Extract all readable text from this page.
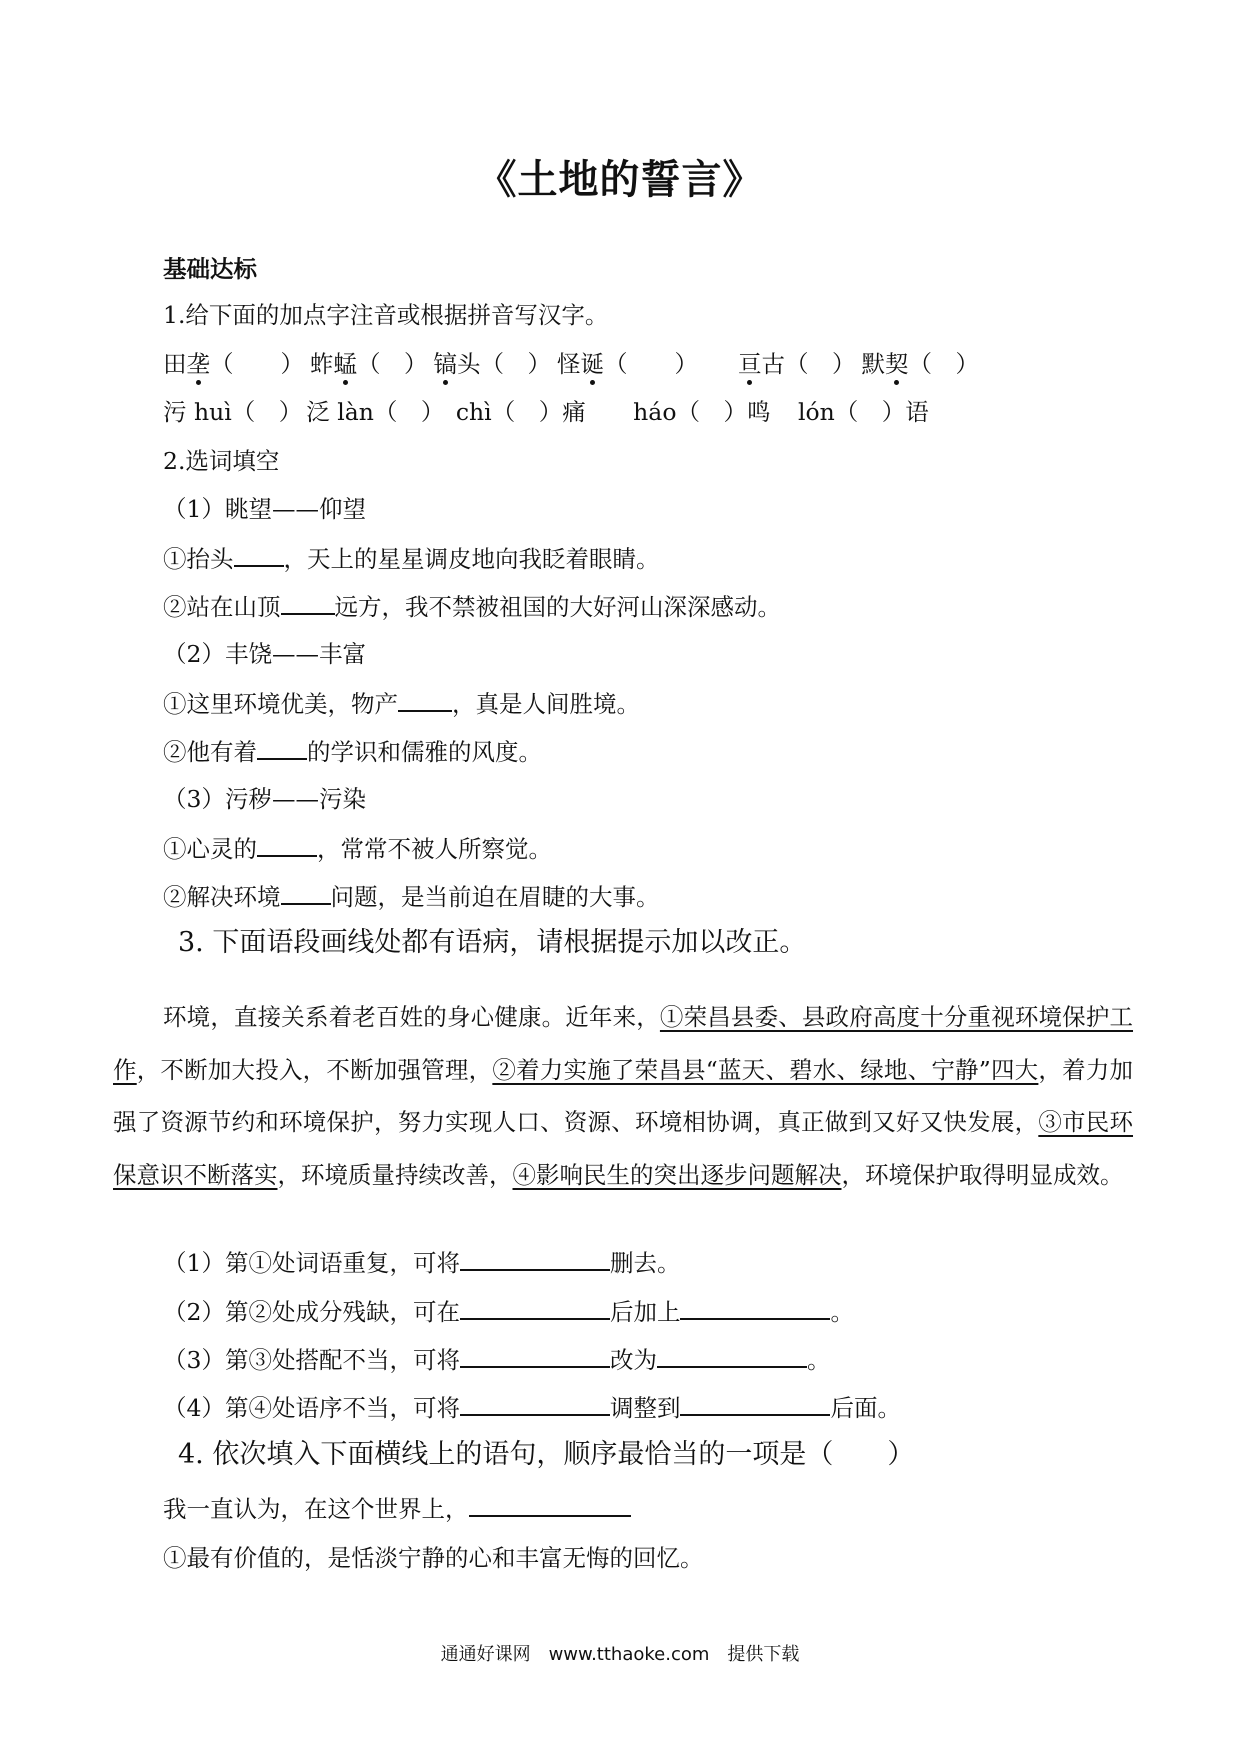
《土地的誓言》
基础达标
1.给下面的加点字注音或根据拼音写汉字。
田垄（　　） 蚱蜢（　） 镐头（　） 怪诞（　　） 亘古（　） 默契（　）
污 huì（　） 泛 làn（　） chì（　）痛 háo（　）鸣 lón（　）语
2.选词填空
（1）眺望——仰望
①抬头 ，天上的星星调皮地向我眨着眼睛。
②站在山顶 远方，我不禁被祖国的大好河山深深感动。
（2）丰饶——丰富
①这里环境优美，物产 ，真是人间胜境。
②他有着 的学识和儒雅的风度。
（3）污秽——污染
①心灵的	，常常不被人所察觉。
②解决环境 问题，是当前迫在眉睫的大事。
3. 下面语段画线处都有语病，请根据提示加以改正。
环境，直接关系着老百姓的身心健康。近年来，①荣昌县委、县政府高度十分重视环境保护工作，不断加大投入，不断加强管理，②着力实施了荣昌县“蓝天、碧水、绿地、宁静”四大，着力加强了资源节约和环境保护，努力实现人口、资源、环境相协调，真正做到又好又快发展，③市民环保意识不断落实，环境质量持续改善，④影响民生的突出逐步问题解决，环境保护取得明显成效。
（1）第①处词语重复，可将	删去。
（2）第②处成分残缺，可在	后加上	。
（3）第③处搭配不当，可将	改为	。
（4）第④处语序不当，可将	调整到	后面。
4. 依次填入下面横线上的语句，顺序最恰当的一项是（　　）
我一直认为，在这个世界上，
①最有价值的，是恬淡宁静的心和丰富无悔的回忆。
通通好课网　www.tthaoke.com　提供下载
